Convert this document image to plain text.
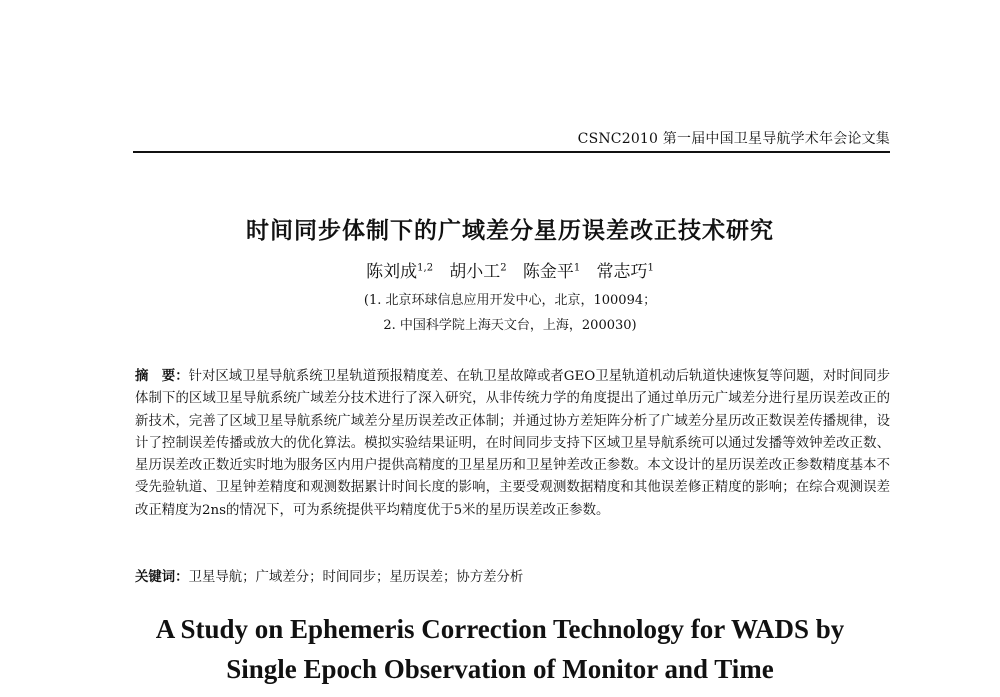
CSNC2010 第一届中国卫星导航学术年会论文集
时间同步体制下的广域差分星历误差改正技术研究
陈刘成$^{1,2}$ 胡小工$^2$ 陈金平$^1$ 常志巧$^1$
(1. 北京环球信息应用开发中心，北京，100094；
2. 中国科学院上海天文台，上海，200030)
摘　要：针对区域卫星导航系统卫星轨道预报精度差、在轨卫星故障或者GEO卫星轨道机动后轨道快速恢复等问题，对时间同步体制下的区域卫星导航系统广域差分技术进行了深入研究，从非传统力学的角度提出了通过单历元广域差分进行星历误差改正的新技术，完善了区域卫星导航系统广域差分星历误差改正体制；并通过协方差矩阵分析了广域差分星历改正数误差传播规律，设计了控制误差传播或放大的优化算法。模拟实验结果证明，在时间同步支持下区域卫星导航系统可以通过发播等效钟差改正数、星历误差改正数近实时地为服务区内用户提供高精度的卫星星历和卫星钟差改正参数。本文设计的星历误差改正参数精度基本不受先验轨道、卫星钟差精度和观测数据累计时间长度的影响，主要受观测数据精度和其他误差修正精度的影响；在综合观测误差改正精度为2ns的情况下，可为系统提供平均精度优于5米的星历误差改正参数。
关键词：卫星导航；广域差分；时间同步；星历误差；协方差分析
A Study on Ephemeris Correction Technology for WADS by
Single Epoch Observation of Monitor and Time
